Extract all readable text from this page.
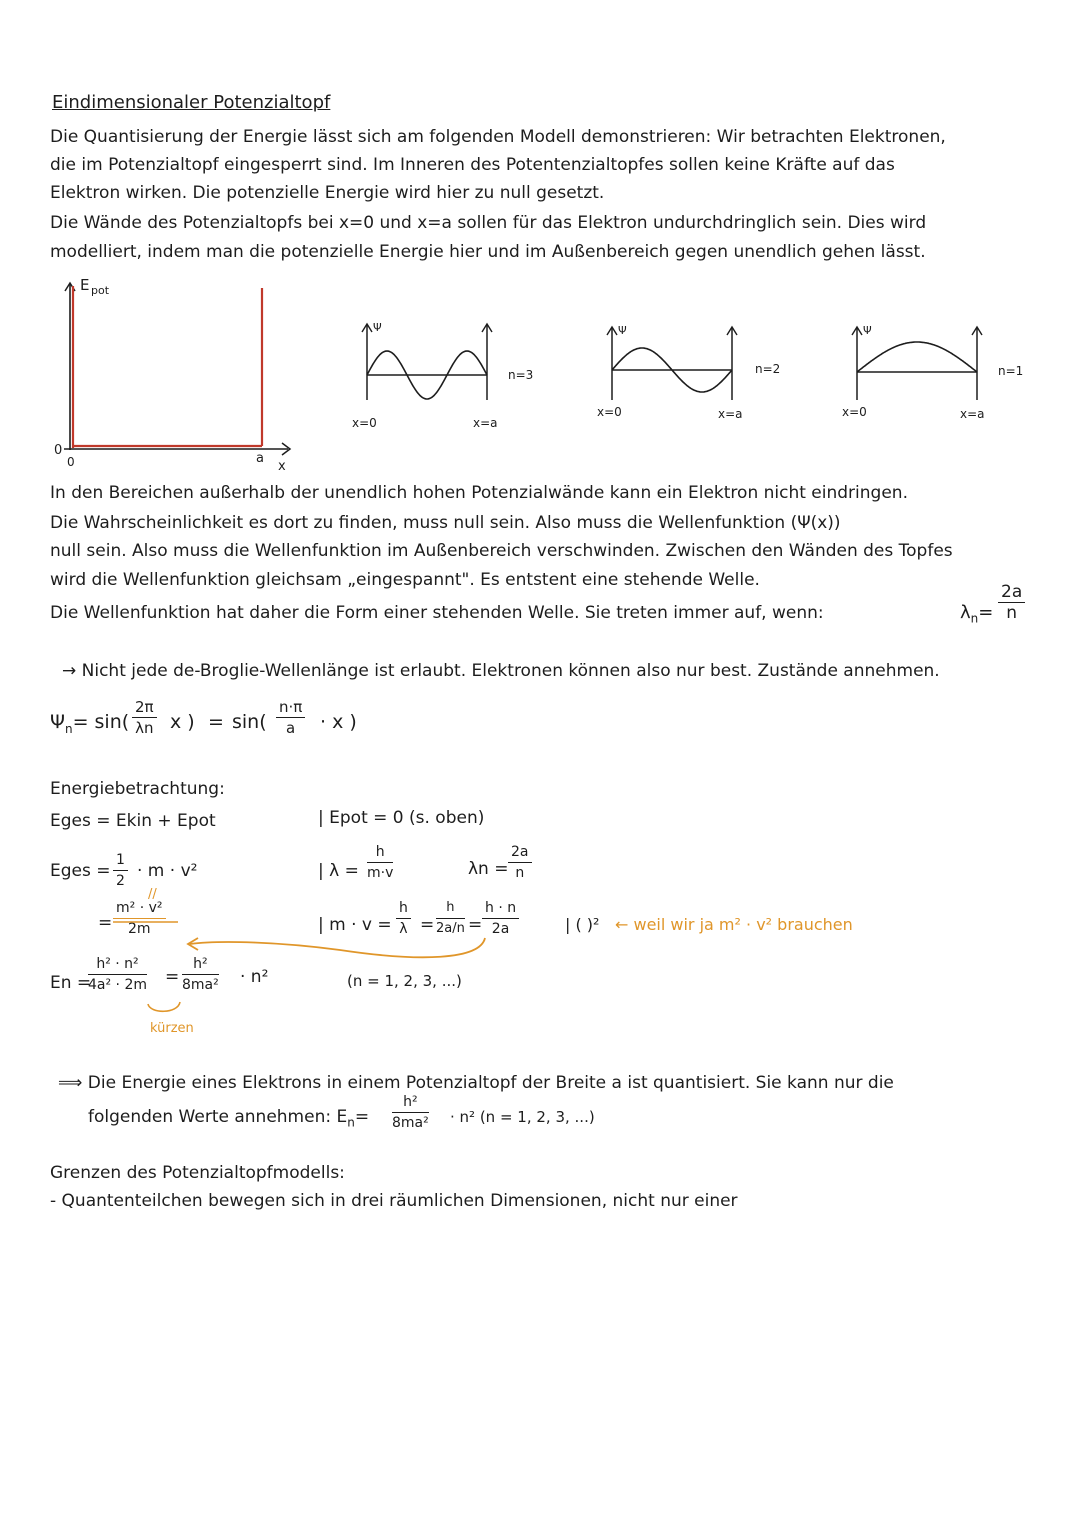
Eindimensionaler Potenzialtopf
Die Quantisierung der Energie lässt sich am folgenden Modell demonstrieren: Wir betrachten Elektronen,
die im Potenzialtopf eingesperrt sind. Im Inneren des Potentenzialtopfes sollen keine Kräfte auf das
Elektron wirken. Die potenzielle Energie wird hier zu null gesetzt.
Die Wände des Potenzialtopfs bei x=0 und x=a sollen für das Elektron undurchdringlich sein. Dies wird
modelliert, indem man die potenzielle Energie hier und im Außenbereich gegen unendlich gehen lässt.
E pot
0
0	a
x
Ψ
n=3
x=0	x=a
Ψ
n=2
x=0	x=a
Ψ
n=1
x=0	x=a
In den Bereichen außerhalb der unendlich hohen Potenzialwände kann ein Elektron nicht eindringen.
Die Wahrscheinlichkeit es dort zu finden, muss null sein. Also muss die Wellenfunktion (Ψ(x))
null sein. Also muss die Wellenfunktion im Außenbereich verschwinden. Zwischen den Wänden des Topfes
wird die Wellenfunktion gleichsam „eingespannt". Es entstent eine stehende Welle.
Die Wellenfunktion hat daher die Form einer stehenden Welle. Sie treten immer auf, wenn:	$\lambda_n= \frac{2a}{n}$
→ Nicht jede de-Broglie-Wellenlänge ist erlaubt. Elektronen können also nur best. Zustände annehmen.
$\Psi_n= \sin( \frac{2\pi}{\lambda n}$ x ) = $\sin( \frac{n\cdot\pi}{a} \cdot x$ )
Energiebetrachtung:
Eges = Ekin + Epot	| Epot = 0 (s. oben)
Eges = $\frac{1}{2} \cdot m \cdot v^2$
//
= $\frac{\text{m² · v²}}{2m}$
| $\lambda = \frac{h}{m\cdot v}$	$\lambda n = \frac{2a}{n}$
| $m \cdot v = \frac{h}{\lambda} = \frac{h}{2a/n} = \frac{h \cdot n}{2a}$	| ( )² ← weil wir ja m² · v² brauchen
En =
$\frac{\text{h² · n²}}{\text{4a² · 2m}} = \frac{\text{h²}}{\text{8ma²}} \cdot n^2$	(n = 1, 2, 3, ...)
kürzen
⟹ Die Energie eines Elektrons in einem Potenzialtopf der Breite a ist quantisiert. Sie kann nur die
folgenden Werte annehmen: $E_n= \frac{\text{h²}}{\text{8ma²}} \cdot n^2$ (n = 1, 2, 3, ...)
Grenzen des Potenzialtopfmodells:
- Quantenteilchen bewegen sich in drei räumlichen Dimensionen, nicht nur einer
